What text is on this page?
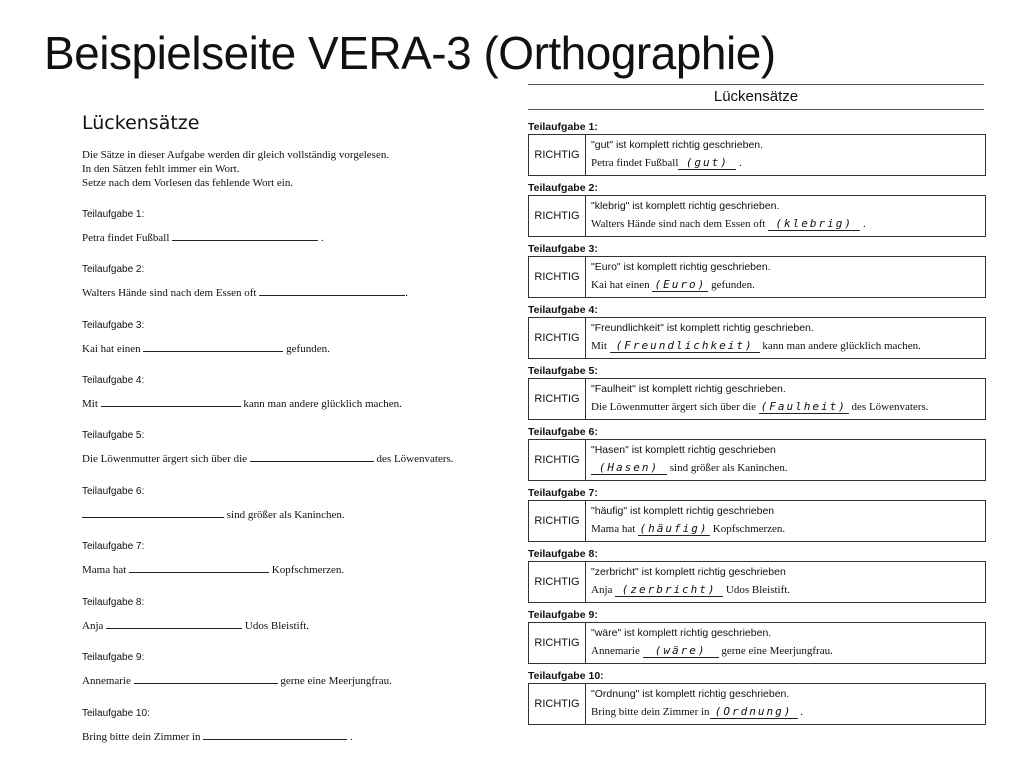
Beispielseite VERA-3 (Orthographie)
Lückensätze
Die Sätze in dieser Aufgabe werden dir gleich vollständig vorgelesen.
In den Sätzen fehlt immer ein Wort.
Setze nach dem Vorlesen das fehlende Wort ein.
Teilaufgabe 1:
Petra findet Fußball	.
Teilaufgabe 2:
Walters Hände sind nach dem Essen oft	.
Teilaufgabe 3:
Kai hat einen	gefunden.
Teilaufgabe 4:
Mit	kann man andere glücklich machen.
Teilaufgabe 5:
Die Löwenmutter ärgert sich über die	des Löwenvaters.
Teilaufgabe 6:
sind größer als Kaninchen.
Teilaufgabe 7:
Mama hat	Kopfschmerzen.
Teilaufgabe 8:
Anja	Udos Bleistift.
Teilaufgabe 9:
Annemarie	gerne eine Meerjungfrau.
Teilaufgabe 10:
Bring bitte dein Zimmer in	.
Lückensätze
Teilaufgabe 1:
RICHTIG
"gut" ist komplett richtig geschrieben.
Petra findet Fußball (gut) .
Teilaufgabe 2:
RICHTIG
"klebrig" ist komplett richtig geschrieben.
Walters Hände sind nach dem Essen oft (klebrig) .
Teilaufgabe 3:
RICHTIG
"Euro" ist komplett richtig geschrieben.
Kai hat einen (Euro) gefunden.
Teilaufgabe 4:
RICHTIG
"Freundlichkeit" ist komplett richtig geschrieben.
Mit (Freundlichkeit) kann man andere glücklich machen.
Teilaufgabe 5:
RICHTIG
"Faulheit" ist komplett richtig geschrieben.
Die Löwenmutter ärgert sich über die (Faulheit) des Löwenvaters.
Teilaufgabe 6:
RICHTIG
"Hasen" ist komplett richtig geschrieben
(Hasen) sind größer als Kaninchen.
Teilaufgabe 7:
RICHTIG
"häufig" ist komplett richtig geschrieben
Mama hat (häufig) Kopfschmerzen.
Teilaufgabe 8:
RICHTIG
"zerbricht" ist komplett richtig geschrieben
Anja (zerbricht) Udos Bleistift.
Teilaufgabe 9:
RICHTIG
"wäre" ist komplett richtig geschrieben.
Annemarie (wäre) gerne eine Meerjungfrau.
Teilaufgabe 10:
RICHTIG
"Ordnung" ist komplett richtig geschrieben.
Bring bitte dein Zimmer in (Ordnung) .
